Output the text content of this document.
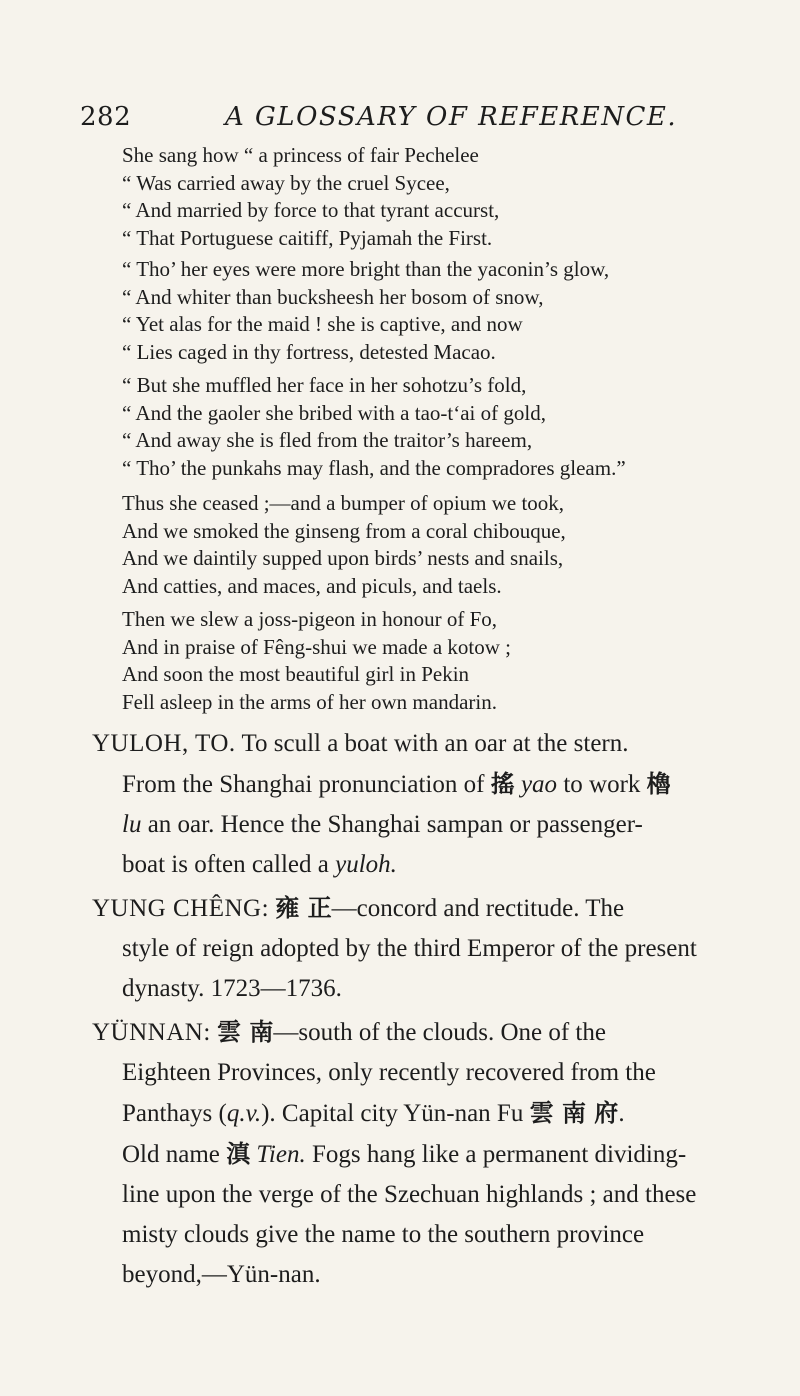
282	A GLOSSARY OF REFERENCE.
She sang how “ a princess of fair Pechelee
“ Was carried away by the cruel Sycee,
“ And married by force to that tyrant accurst,
“ That Portuguese caitiff, Pyjamah the First.
“ Tho’ her eyes were more bright than the yaconin’s glow,
“ And whiter than bucksheesh her bosom of snow,
“ Yet alas for the maid ! she is captive, and now
“ Lies caged in thy fortress, detested Macao.
“ But she muffled her face in her sohotzu’s fold,
“ And the gaoler she bribed with a tao-t‘ai of gold,
“ And away she is fled from the traitor’s hareem,
“ Tho’ the punkahs may flash, and the compradores gleam.”
Thus she ceased ;—and a bumper of opium we took,
And we smoked the ginseng from a coral chibouque,
And we daintily supped upon birds’ nests and snails,
And catties, and maces, and piculs, and taels.
Then we slew a joss-pigeon in honour of Fo,
And in praise of Fêng-shui we made a kotow ;
And soon the most beautiful girl in Pekin
Fell asleep in the arms of her own mandarin.
YULOH, TO. To scull a boat with an oar at the stern.
From the Shanghai pronunciation of 搖 yao to work 櫓
lu an oar. Hence the Shanghai sampan or passenger-
boat is often called a yuloh.
YUNG CHÊNG: 雍 正—concord and rectitude. The
style of reign adopted by the third Emperor of the present
dynasty. 1723—1736.
YÜNNAN: 雲 南—south of the clouds. One of the
Eighteen Provinces, only recently recovered from the
Panthays (q.v.). Capital city Yün-nan Fu 雲 南 府.
Old name 滇 Tien. Fogs hang like a permanent dividing-
line upon the verge of the Szechuan highlands ; and these
misty clouds give the name to the southern province
beyond,—Yün-nan.
